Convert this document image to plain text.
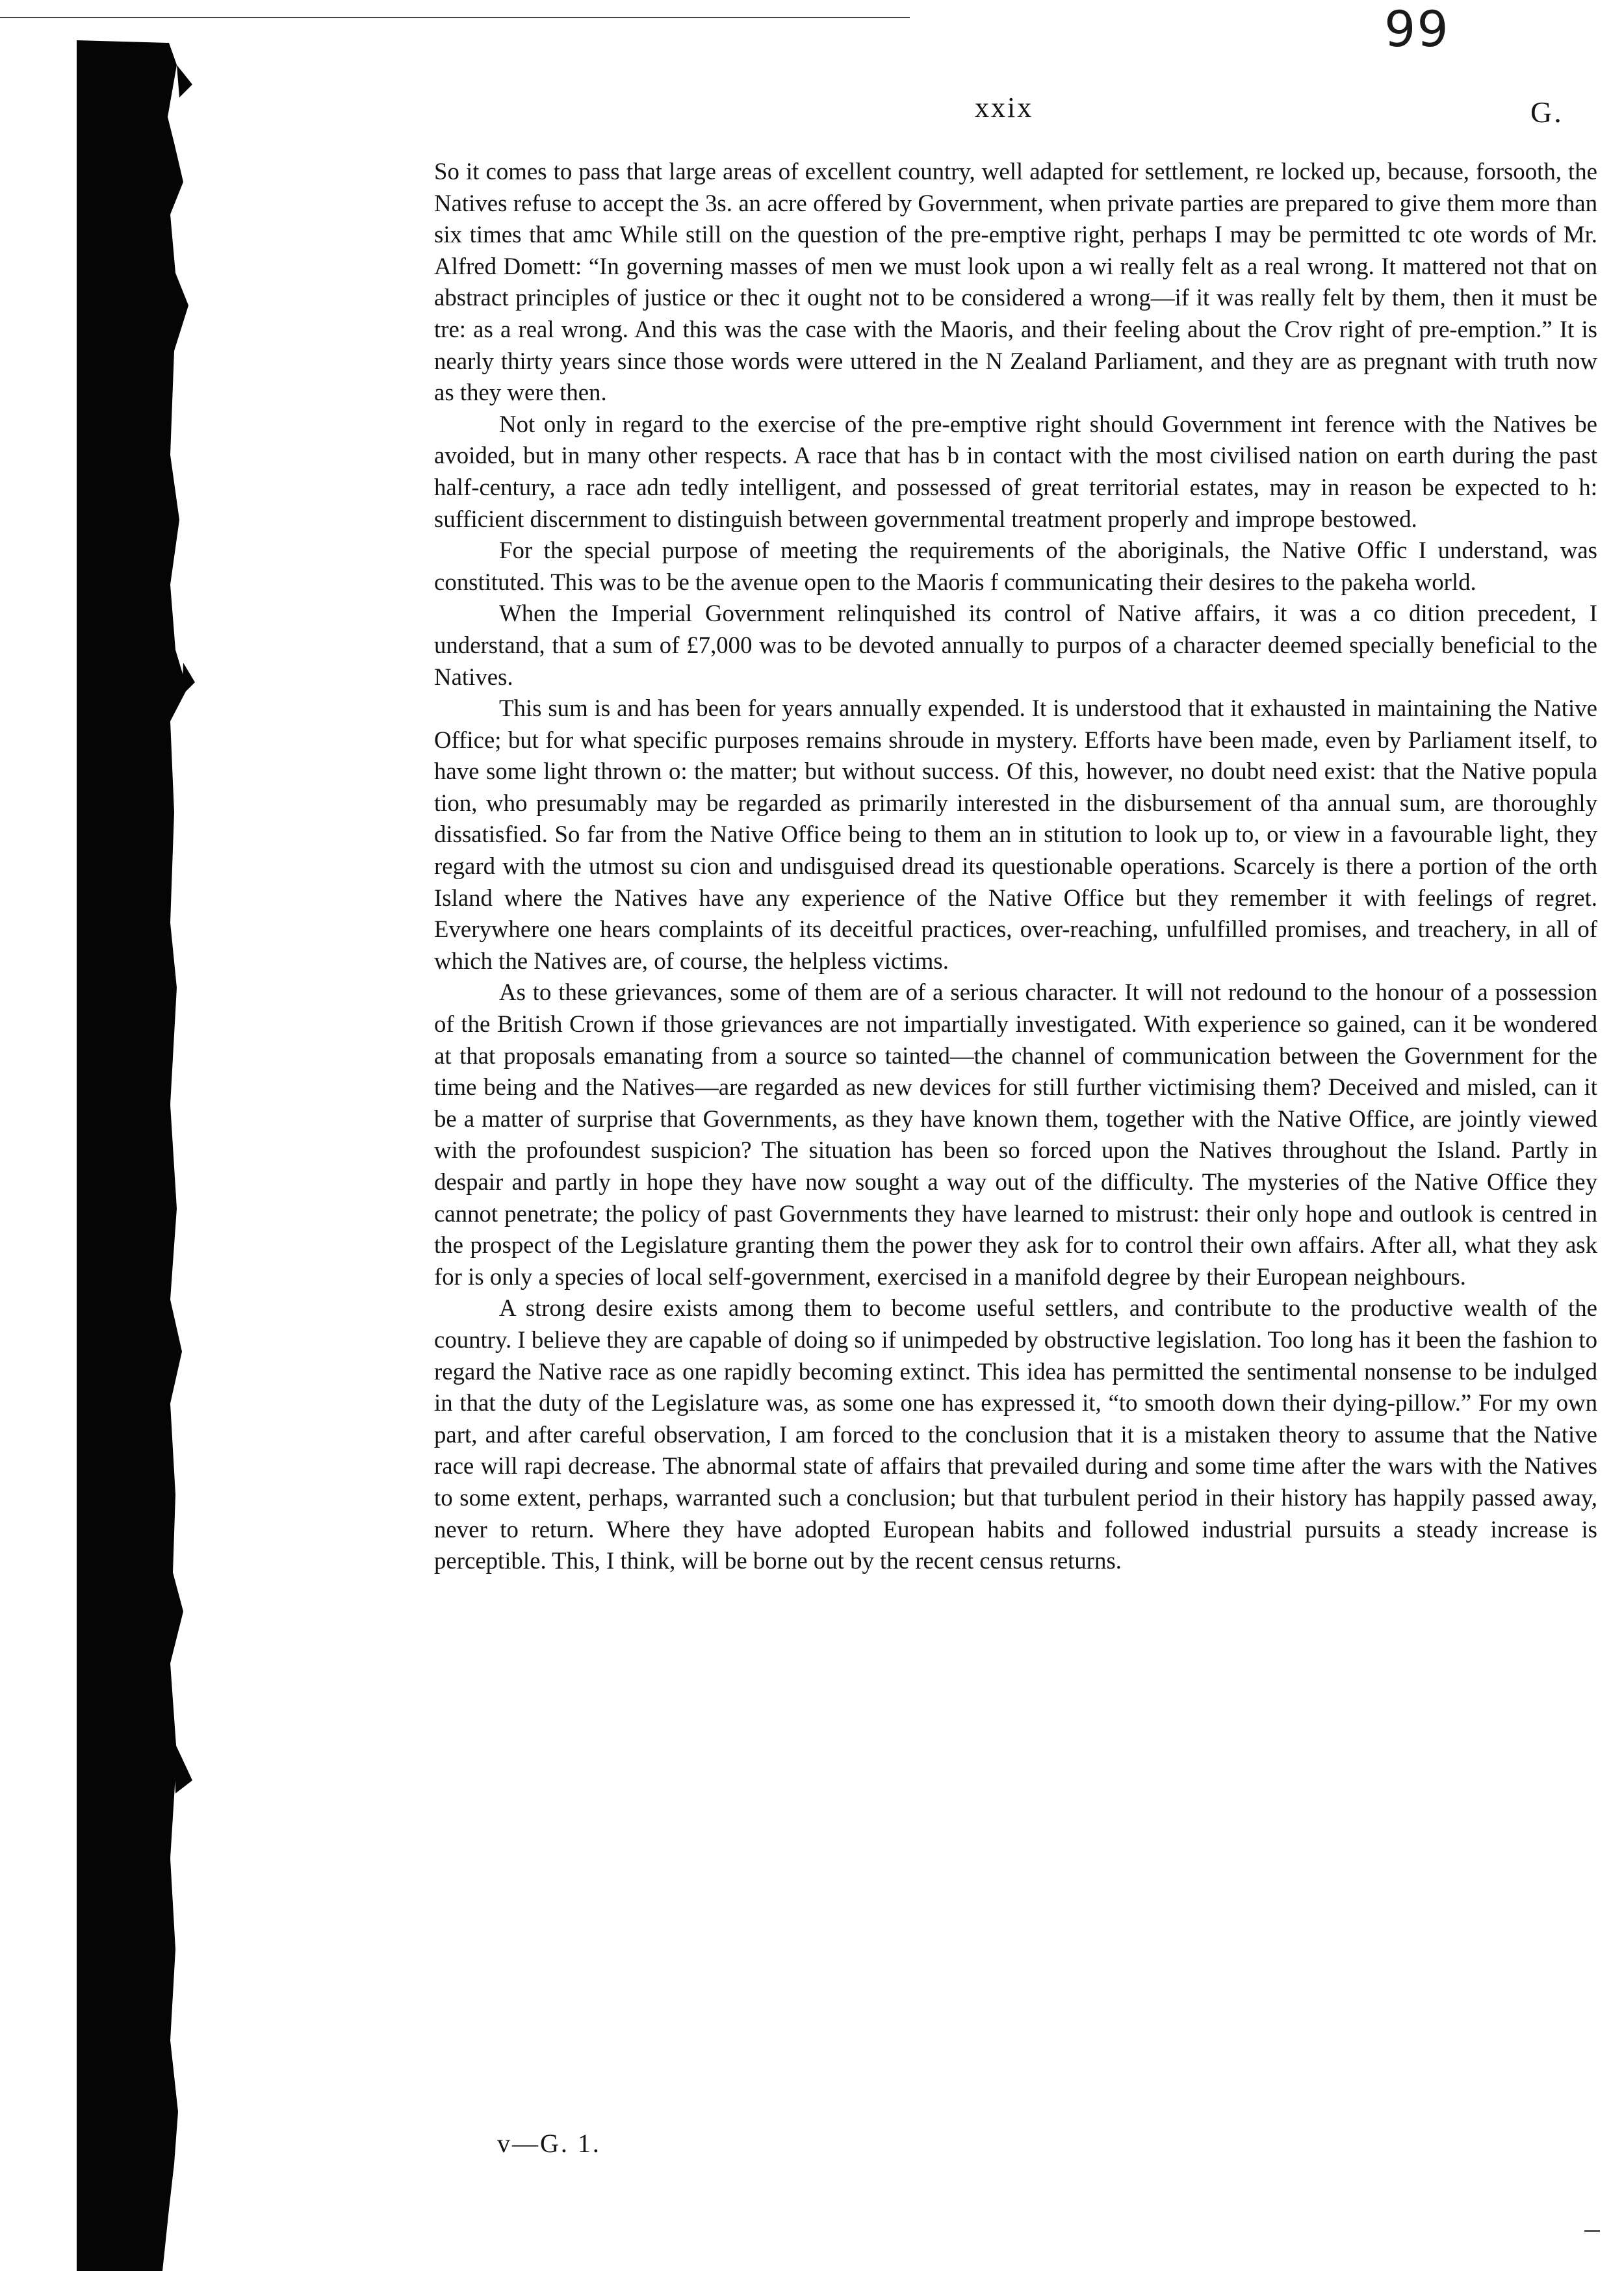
99
xxix	G.

So it comes to pass that large areas of excellent country, well adapted for settlement, re locked up, because, forsooth, the Natives refuse to accept the 3s. an acre offered by Government, when private parties are prepared to give them more than six times that amc While still on the question of the pre-emptive right, perhaps I may be permitted tc ote words of Mr. Alfred Domett: “In governing masses of men we must look upon a wi really felt as a real wrong. It mattered not that on abstract principles of justice or thec it ought not to be considered a wrong—if it was really felt by them, then it must be tre: as a real wrong. And this was the case with the Maoris, and their feeling about the Crov right of pre-emption.” It is nearly thirty years since those words were uttered in the N Zealand Parliament, and they are as pregnant with truth now as they were then.

Not only in regard to the exercise of the pre-emptive right should Government int ference with the Natives be avoided, but in many other respects. A race that has b in contact with the most civilised nation on earth during the past half-century, a race adn tedly intelligent, and possessed of great territorial estates, may in reason be expected to h: sufficient discernment to distinguish between governmental treatment properly and imprope bestowed.

For the special purpose of meeting the requirements of the aboriginals, the Native Offic I understand, was constituted. This was to be the avenue open to the Maoris f communicating their desires to the pakeha world.

When the Imperial Government relinquished its control of Native affairs, it was a co dition precedent, I understand, that a sum of £7,000 was to be devoted annually to purpos of a character deemed specially beneficial to the Natives.

This sum is and has been for years annually expended. It is understood that it exhausted in maintaining the Native Office; but for what specific purposes remains shroude in mystery. Efforts have been made, even by Parliament itself, to have some light thrown o: the matter; but without success. Of this, however, no doubt need exist: that the Native popula tion, who presumably may be regarded as primarily interested in the disbursement of tha annual sum, are thoroughly dissatisfied. So far from the Native Office being to them an in stitution to look up to, or view in a favourable light, they regard with the utmost su cion and undisguised dread its questionable operations. Scarcely is there a portion of the orth Island where the Natives have any experience of the Native Office but they remember it with feelings of regret. Everywhere one hears complaints of its deceitful practices, over-reaching, unfulfilled promises, and treachery, in all of which the Natives are, of course, the helpless victims.

As to these grievances, some of them are of a serious character. It will not redound to the honour of a possession of the British Crown if those grievances are not impartially investigated. With experience so gained, can it be wondered at that proposals emanating from a source so tainted—the channel of communication between the Government for the time being and the Natives—are regarded as new devices for still further victimising them? Deceived and misled, can it be a matter of surprise that Governments, as they have known them, together with the Native Office, are jointly viewed with the profoundest suspicion? The situation has been so forced upon the Natives throughout the Island. Partly in despair and partly in hope they have now sought a way out of the difficulty. The mysteries of the Native Office they cannot penetrate; the policy of past Governments they have learned to mistrust: their only hope and outlook is centred in the prospect of the Legislature granting them the power they ask for to control their own affairs. After all, what they ask for is only a species of local self-government, exercised in a manifold degree by their European neighbours.

A strong desire exists among them to become useful settlers, and contribute to the productive wealth of the country. I believe they are capable of doing so if unimpeded by obstructive legislation. Too long has it been the fashion to regard the Native race as one rapidly becoming extinct. This idea has permitted the sentimental nonsense to be indulged in that the duty of the Legislature was, as some one has expressed it, “to smooth down their dying-pillow.” For my own part, and after careful observation, I am forced to the conclusion that it is a mistaken theory to assume that the Native race will rapi decrease. The abnormal state of affairs that prevailed during and some time after the wars with the Natives to some extent, perhaps, warranted such a conclusion; but that turbulent period in their history has happily passed away, never to return. Where they have adopted European habits and followed industrial pursuits a steady increase is perceptible. This, I think, will be borne out by the recent census returns.

v—G. 1.
